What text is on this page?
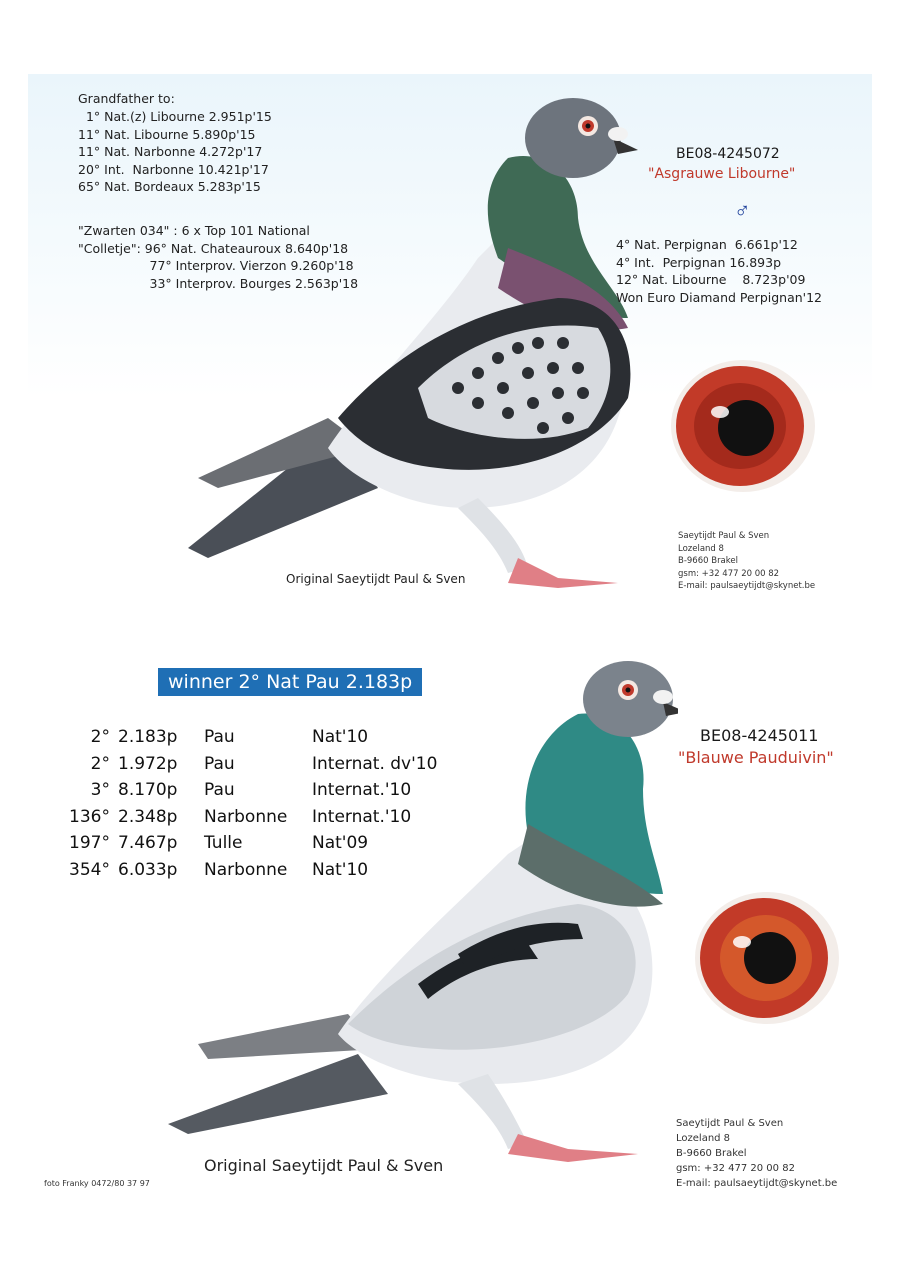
Grandfather to:
1° Nat.(z) Libourne 2.951p'15
11° Nat. Libourne 5.890p'15
11° Nat. Narbonne 4.272p'17
20° Int.  Narbonne 10.421p'17
65° Nat. Bordeaux 5.283p'15
"Zwarten 034" : 6 x Top 101 National
"Colletje": 96° Nat. Chateauroux 8.640p'18
77° Interprov. Vierzon 9.260p'18
33° Interprov. Bourges 2.563p'18
BE08-4245072
"Asgrauwe Libourne"
♂
4° Nat. Perpignan  6.661p'12
4° Int.  Perpignan 16.893p
12° Nat. Libourne    8.723p'09
Won Euro Diamand Perpignan'12
Original Saeytijdt Paul & Sven
Saeytijdt Paul & Sven
Lozeland 8
B-9660 Brakel
gsm: +32 477 20 00 82
E-mail: paulsaeytijdt@skynet.be
winner 2° Nat Pau 2.183p
2°	2.183p	Pau	Nat'10
2°	1.972p	Pau	Internat. dv'10
3°	8.170p	Pau	Internat.'10
136°	2.348p	Narbonne	Internat.'10
197°	7.467p	Tulle	Nat'09
354°	6.033p	Narbonne	Nat'10
BE08-4245011
"Blauwe Pauduivin"
Original Saeytijdt Paul & Sven
Saeytijdt Paul & Sven
Lozeland 8
B-9660 Brakel
gsm: +32 477 20 00 82
E-mail: paulsaeytijdt@skynet.be
foto Franky 0472/80 37 97
